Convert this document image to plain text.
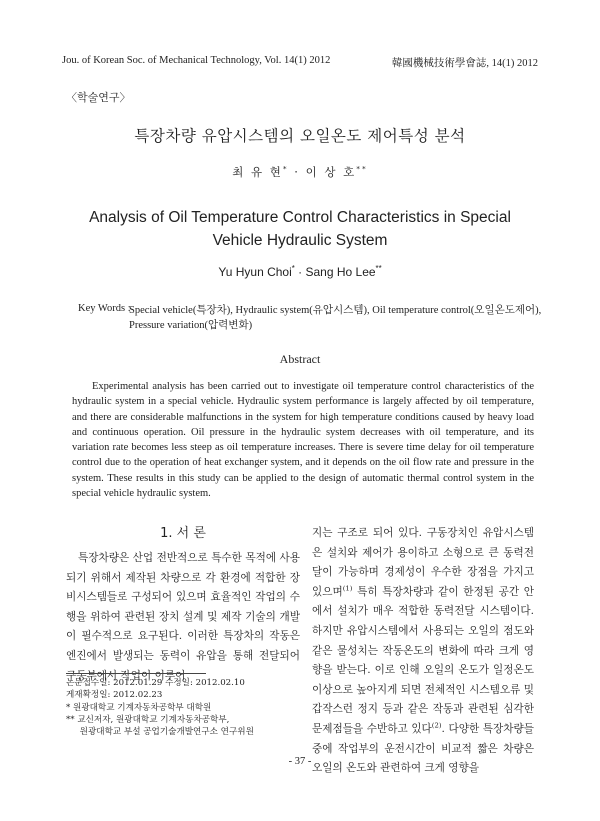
Jou. of Korean Soc. of Mechanical Technology, Vol. 14(1) 2012	韓國機械技術學會誌, 14(1) 2012
〈학술연구〉
특장차량 유압시스템의 오일온도 제어특성 분석
최 유 현* · 이 상 호**
Analysis of Oil Temperature Control Characteristics in Special
Vehicle Hydraulic System
Yu Hyun Choi* · Sang Ho Lee**
Key Words :
Special vehicle(특장차), Hydraulic system(유압시스템), Oil temperature control(오일온도제어),
Pressure variation(압력변화)
Abstract

Experimental analysis has been carried out to investigate oil temperature control characteristics of the hydraulic system in a special vehicle. Hydraulic system performance is largely affected by oil temperature, and there are considerable malfunctions in the system for high temperature conditions caused by heavy load and continuous operation. Oil pressure in the hydraulic system decreases with oil temperature, and its variation rate becomes less steep as oil temperature increases. There is severe time delay for oil temperature control due to the operation of heat exchanger system, and it depends on the oil flow rate and pressure in the system. These results in this study can be applied to the design of automatic thermal control system in the special vehicle hydraulic system.

1. 서 론

특장차량은 산업 전반적으로 특수한 목적에 사용되기 위해서 제작된 차량으로 각 환경에 적합한 장비시스템들로 구성되어 있으며 효율적인 작업의 수행을 위하여 관련된 장치 설계 및 제작 기술의 개발이 필수적으로 요구된다. 이러한 특장차의 작동은 엔진에서 발생되는 동력이 유압을 통해 전달되어 구동부에서 작업이 이루어

지는 구조로 되어 있다. 구동장치인 유압시스템은 설치와 제어가 용이하고 소형으로 큰 동력전달이 가능하며 경제성이 우수한 장점을 가지고 있으며$^{(1)}$ 특히 특장차량과 같이 한정된 공간 안에서 설치가 매우 적합한 동력전달 시스템이다. 하지만 유압시스템에서 사용되는 오일의 점도와 같은 물성치는 작동온도의 변화에 따라 크게 영향을 받는다. 이로 인해 오일의 온도가 일정온도 이상으로 높아지게 되면 전체적인 시스템오류 및 갑작스런 정지 등과 같은 작동과 관련된 심각한 문제점들을 수반하고 있다$^{(2)}$. 다양한 특장차량들 중에 작업부의 운전시간이 비교적 짧은 차량은 오일의 온도와 관련하여 크게 영향을

논문접수일: 2012.01.29 수정일: 2012.02.10
게재확정일: 2012.02.23
* 원광대학교 기계자동차공학부 대학원
** 교신저자, 원광대학교 기계자동차공학부,
원광대학교 부설 공업기술개발연구소 연구위원
- 37 -
